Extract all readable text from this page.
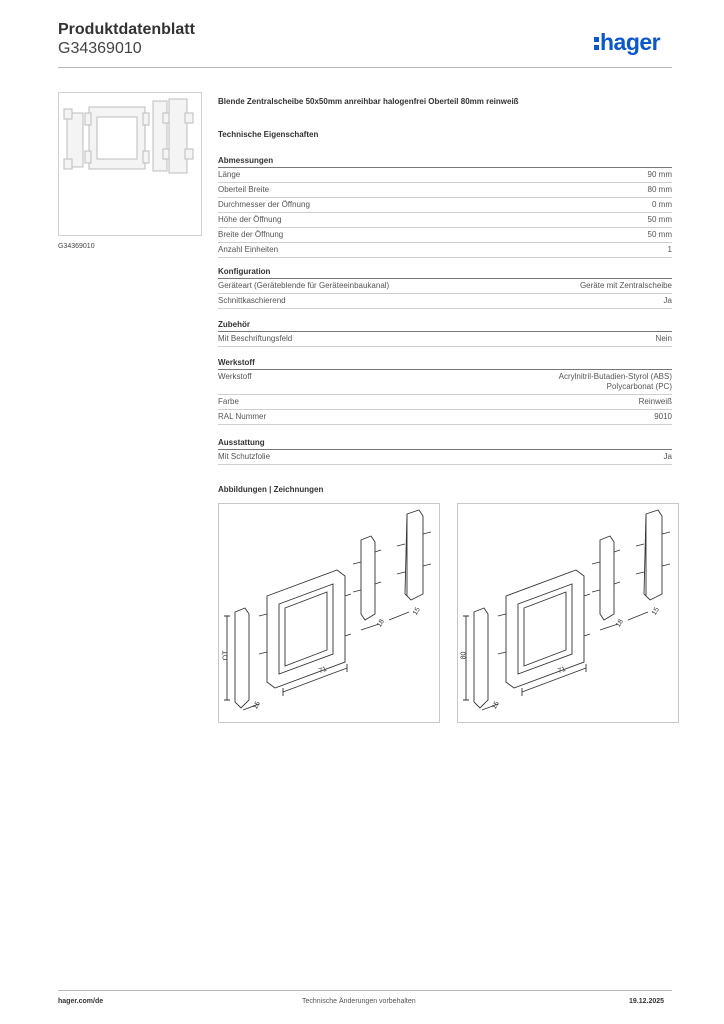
Produktdatenblatt
G34369010	hager
G34369010
Blende Zentralscheibe 50x50mm anreihbar halogenfrei Oberteil 80mm reinweiß
Technische Eigenschaften
Abmessungen
Länge	90 mm
Oberteil Breite	80 mm
Durchmesser der Öffnung	0 mm
Höhe der Öffnung	50 mm
Breite der Öffnung	50 mm
Anzahl Einheiten	1
Konfiguration
Geräteart (Geräteblende für Geräteeinbaukanal)	Geräte mit Zentralscheibe
Schnittkaschierend	Ja
Zubehör
Mit Beschriftungsfeld	Nein
Werkstoff
Werkstoff	Acrylnitril-Butadien-Styrol (ABS)
Polycarbonat (PC)
Farbe	Reinweiß
RAL Nummer	9010
Ausstattung
Mit Schutzfolie	Ja
Abbildungen | Zeichnungen
OT
71
18
15
15
80
71
18
15
15
hager.com/de	Technische Änderungen vorbehalten	19.12.2025
